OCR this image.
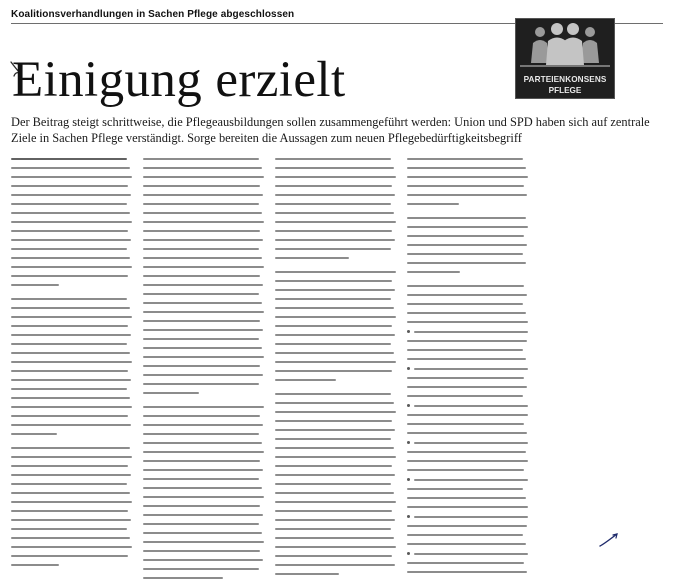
Koalitionsverhandlungen in Sachen Pflege abgeschlossen
Einigung erzielt	PARTEIENKONSENS
PFLEGE

Der Beitrag steigt schrittweise, die Pflegeausbildungen sollen zusammengeführt werden: Union und SPD haben sich auf zentrale Ziele in Sachen Pflege verständigt. Sorge bereiten die Aussagen zum neuen Pflegebedürftigkeitsbegriff
